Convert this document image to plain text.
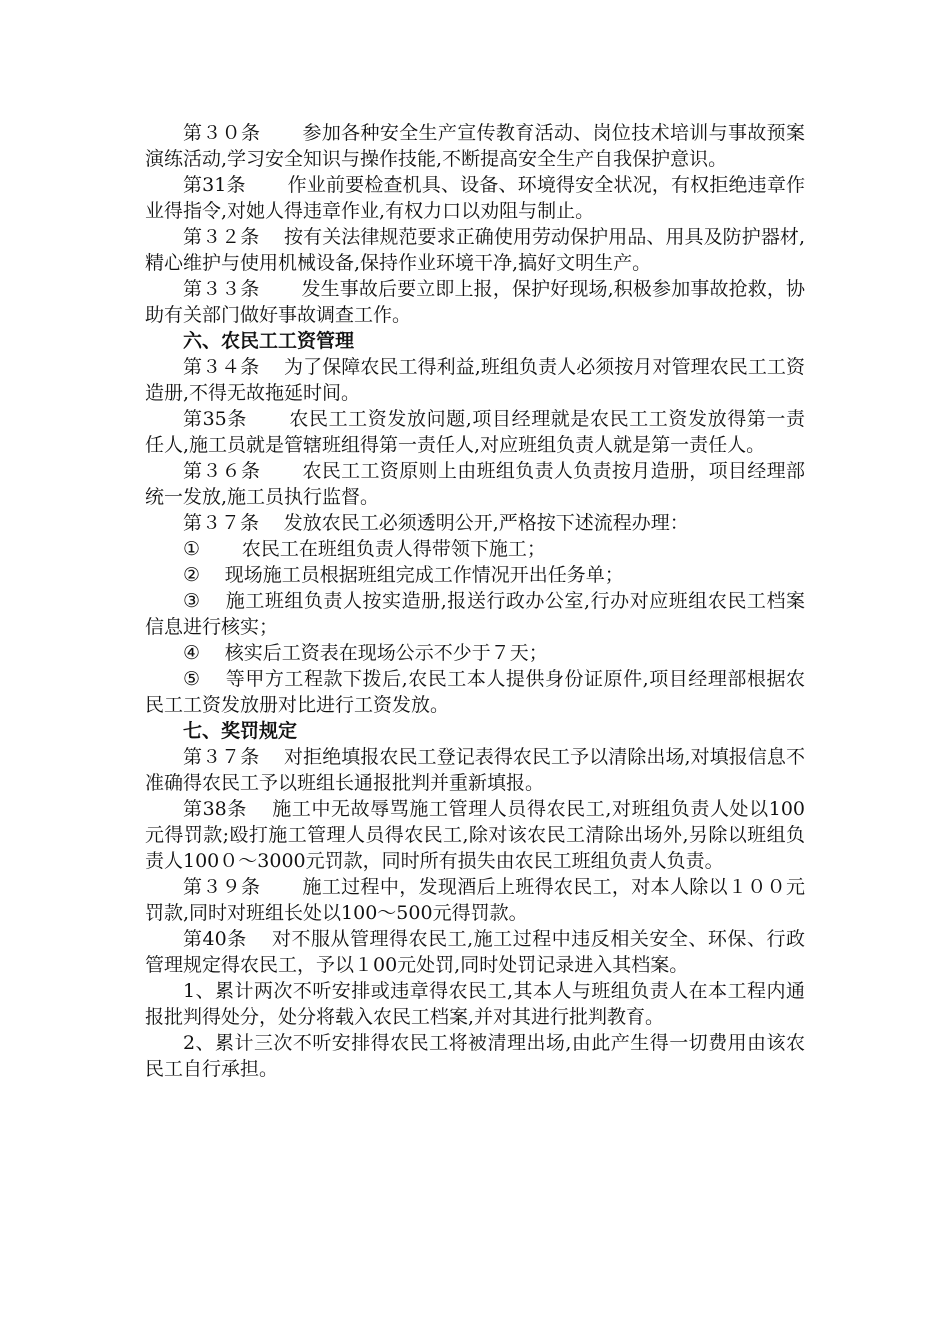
第３０条 参加各种安全生产宣传教育活动、岗位技术培训与事故预案演练活动,学习安全知识与操作技能,不断提高安全生产自我保护意识。

第31条 作业前要检查机具、设备、环境得安全状况，有权拒绝违章作业得指令,对她人得违章作业,有权力口以劝阻与制止。

第３２条 按有关法律规范要求正确使用劳动保护用品、用具及防护器材,精心维护与使用机械设备,保持作业环境干净,搞好文明生产。

第３３条 发生事故后要立即上报，保护好现场,积极参加事故抢救，协助有关部门做好事故调查工作。

六、农民工工资管理

第３４条 为了保障农民工得利益,班组负责人必须按月对管理农民工工资造册,不得无故拖延时间。

第35条 农民工工资发放问题,项目经理就是农民工工资发放得第一责任人,施工员就是管辖班组得第一责任人,对应班组负责人就是第一责任人。

第３６条 农民工工资原则上由班组负责人负责按月造册，项目经理部统一发放,施工员执行监督。

第３７条 发放农民工必须透明公开,严格按下述流程办理：

① 农民工在班组负责人得带领下施工；

② 现场施工员根据班组完成工作情况开出任务单；

③ 施工班组负责人按实造册,报送行政办公室,行办对应班组农民工档案信息进行核实；

④ 核实后工资表在现场公示不少于７天；

⑤ 等甲方工程款下拨后,农民工本人提供身份证原件,项目经理部根据农民工工资发放册对比进行工资发放。

七、奖罚规定

第３７条 对拒绝填报农民工登记表得农民工予以清除出场,对填报信息不准确得农民工予以班组长通报批判并重新填报。

第38条 施工中无故辱骂施工管理人员得农民工,对班组负责人处以100元得罚款;殴打施工管理人员得农民工,除对该农民工清除出场外,另除以班组负责人100０～3000元罚款，同时所有损失由农民工班组负责人负责。

第３９条 施工过程中，发现酒后上班得农民工，对本人除以１００元罚款,同时对班组长处以100～500元得罚款。

第40条 对不服从管理得农民工,施工过程中违反相关安全、环保、行政管理规定得农民工，予以１00元处罚,同时处罚记录进入其档案。

1、累计两次不听安排或违章得农民工,其本人与班组负责人在本工程内通报批判得处分，处分将载入农民工档案,并对其进行批判教育。

2、累计三次不听安排得农民工将被清理出场,由此产生得一切费用由该农民工自行承担。
